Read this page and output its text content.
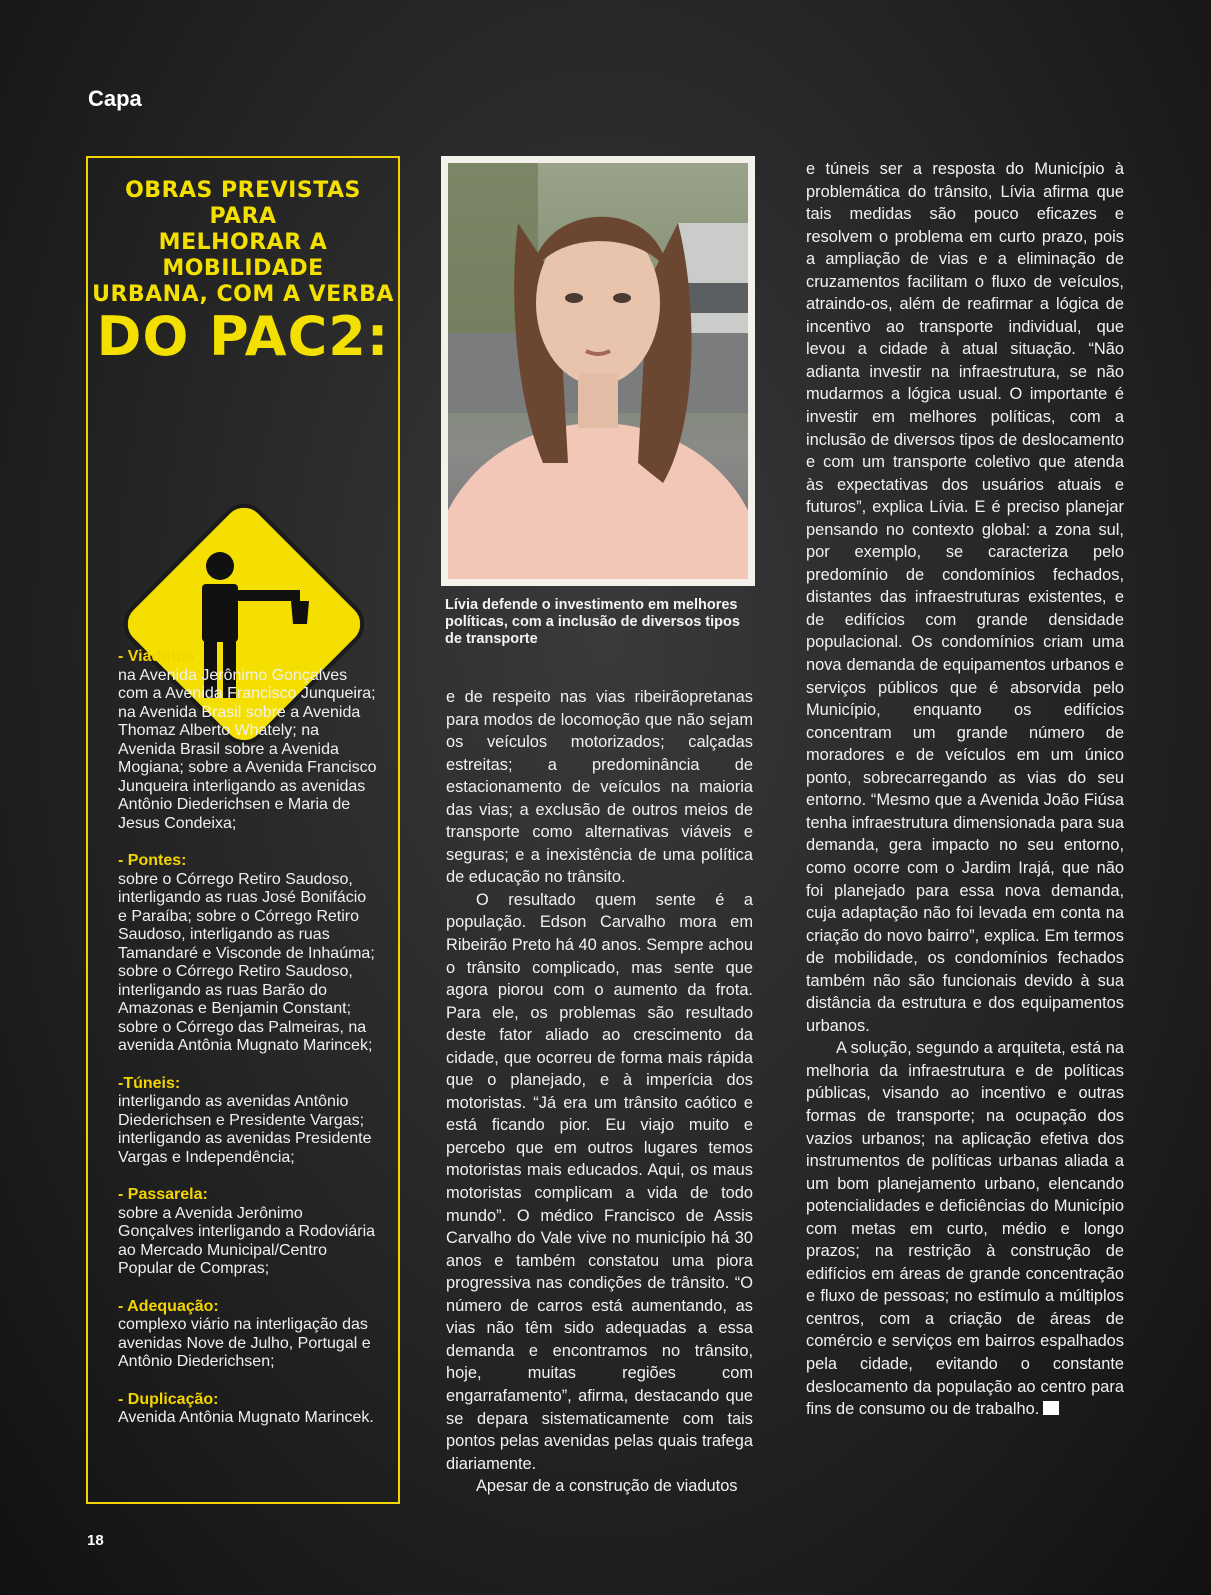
Capa
OBRAS PREVISTAS PARA
MELHORAR A MOBILIDADE
URBANA, COM A VERBA
DO PAC2:
- Viadutos
na Avenida Jerônimo Gonçalves com a Avenida Francisco Junqueira; na Avenida Brasil sobre a Avenida Thomaz Alberto Whately; na Avenida Brasil sobre a Avenida Mogiana; sobre a Avenida Francisco Junqueira interligando as avenidas Antônio Diederichsen e Maria de Jesus Condeixa;
- Pontes:
sobre o Córrego Retiro Saudoso, interligando as ruas José Bonifácio e Paraíba; sobre o Córrego Retiro Saudoso, interligando as ruas Tamandaré e Visconde de Inhaúma; sobre o Córrego Retiro Saudoso, interligando as ruas Barão do Amazonas e Benjamin Constant; sobre o Córrego das Palmeiras, na avenida Antônia Mugnato Marincek;
-Túneis:
interligando as avenidas Antônio Diederichsen e Presidente Vargas; interligando as avenidas Presidente Vargas e Independência;
- Passarela:
sobre a Avenida Jerônimo Gonçalves interligando a Rodoviária ao Mercado Municipal/Centro Popular de Compras;
- Adequação:
complexo viário na interligação das avenidas Nove de Julho, Portugal e Antônio Diederichsen;
- Duplicação:
Avenida Antônia Mugnato Marincek.
Lívia defende o investimento em melhores políticas, com a inclusão de diversos tipos de transporte

e de respeito nas vias ribeirãopretanas para modos de locomoção que não sejam os veículos motorizados; calçadas estreitas; a predominância de estacionamento de veículos na maioria das vias; a exclusão de outros meios de transporte como alternativas viáveis e seguras; e a inexistência de uma política de educação no trânsito.

O resultado quem sente é a população. Edson Carvalho mora em Ribeirão Preto há 40 anos. Sempre achou o trânsito complicado, mas sente que agora piorou com o aumento da frota. Para ele, os problemas são resultado deste fator aliado ao crescimento da cidade, que ocorreu de forma mais rápida que o planejado, e à imperícia dos motoristas. “Já era um trânsito caótico e está ficando pior. Eu viajo muito e percebo que em outros lugares temos motoristas mais educados. Aqui, os maus motoristas complicam a vida de todo mundo”. O médico Francisco de Assis Carvalho do Vale vive no município há 30 anos e também constatou uma piora progressiva nas condições de trânsito. “O número de carros está aumentando, as vias não têm sido adequadas a essa demanda e encontramos no trânsito, hoje, muitas regiões com engarrafamento”, afirma, destacando que se depara sistematicamente com tais pontos pelas avenidas pelas quais trafega diariamente.

Apesar de a construção de viadutos

e túneis ser a resposta do Município à problemática do trânsito, Lívia afirma que tais medidas são pouco eficazes e resolvem o problema em curto prazo, pois a ampliação de vias e a eliminação de cruzamentos facilitam o fluxo de veículos, atraindo-os, além de reafirmar a lógica de incentivo ao transporte individual, que levou a cidade à atual situação. “Não adianta investir na infraestrutura, se não mudarmos a lógica usual. O importante é investir em melhores políticas, com a inclusão de diversos tipos de deslocamento e com um transporte coletivo que atenda às expectativas dos usuários atuais e futuros”, explica Lívia. E é preciso planejar pensando no contexto global: a zona sul, por exemplo, se caracteriza pelo predomínio de condomínios fechados, distantes das infraestruturas existentes, e de edifícios com grande densidade populacional. Os condomínios criam uma nova demanda de equipamentos urbanos e serviços públicos que é absorvida pelo Município, enquanto os edifícios concentram um grande número de moradores e de veículos em um único ponto, sobrecarregando as vias do seu entorno. “Mesmo que a Avenida João Fiúsa tenha infraestrutura dimensionada para sua demanda, gera impacto no seu entorno, como ocorre com o Jardim Irajá, que não foi planejado para essa nova demanda, cuja adaptação não foi levada em conta na criação do novo bairro”, explica. Em termos de mobilidade, os condomínios fechados também não são funcionais devido à sua distância da estrutura e dos equipamentos urbanos.

A solução, segundo a arquiteta, está na melhoria da infraestrutura e de políticas públicas, visando ao incentivo e outras formas de transporte; na ocupação dos vazios urbanos; na aplicação efetiva dos instrumentos de políticas urbanas aliada a um bom planejamento urbano, elencando potencialidades e deficiências do Município com metas em curto, médio e longo prazos; na restrição à construção de edifícios em áreas de grande concentração e fluxo de pessoas; no estímulo a múltiplos centros, com a criação de áreas de comércio e serviços em bairros espalhados pela cidade, evitando o constante deslocamento da população ao centro para fins de consumo ou de trabalho.

18
